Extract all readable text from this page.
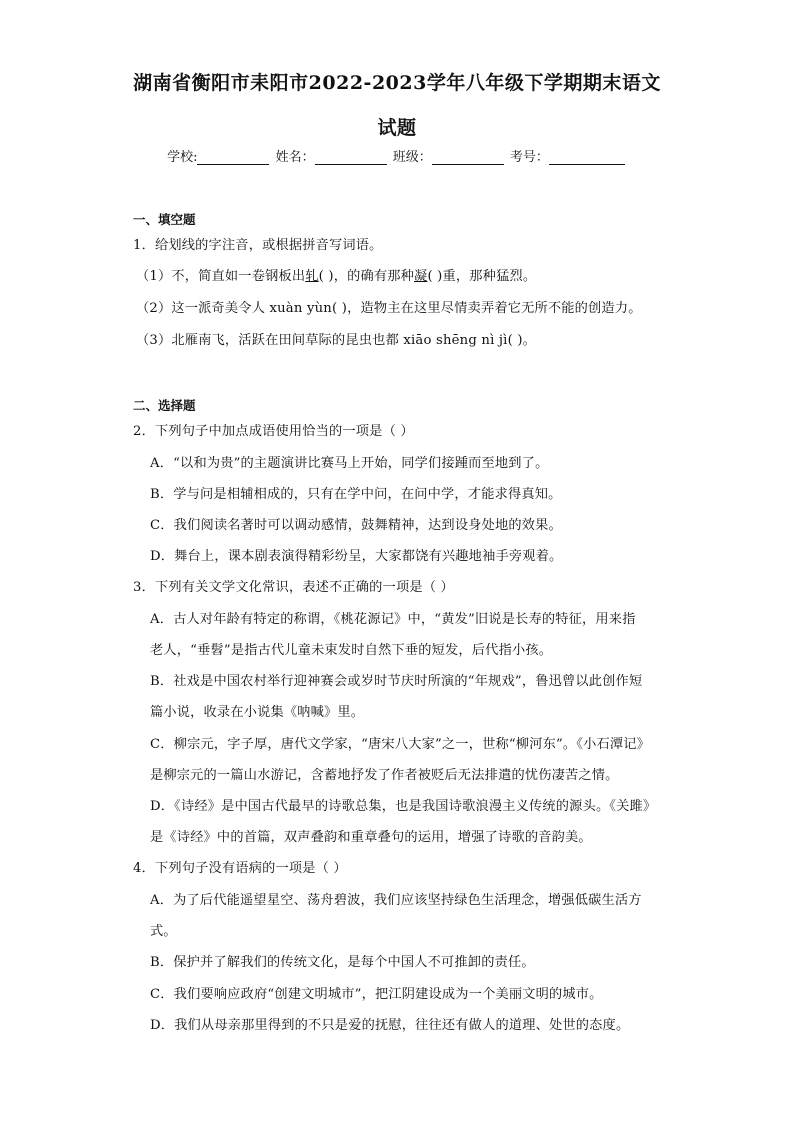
湖南省衡阳市耒阳市2022-2023学年八年级下学期期末语文
试题
学校:	姓名：	班级：	考号：
一、填空题
1．给划线的字注音，或根据拼音写词语。
（1）不，简直如一卷钢板出轧( )，的确有那种凝( )重，那种猛烈。
（2）这一派奇美令人 xuàn yùn( )，造物主在这里尽情卖弄着它无所不能的创造力。
（3）北雁南飞，活跃在田间草际的昆虫也都 xiāo shēng nì jì( )。
二、选择题
2．下列句子中加点成语使用恰当的一项是（ ）
A．“以和为贵”的主题演讲比赛马上开始，同学们接踵而至地到了。
B．学与问是相辅相成的，只有在学中问，在问中学，才能求得真知。
C．我们阅读名著时可以调动感情，鼓舞精神，达到设身处地的效果。
D．舞台上，课本剧表演得精彩纷呈，大家都饶有兴趣地袖手旁观着。
3．下列有关文学文化常识，表述不正确的一项是（ ）
A．古人对年龄有特定的称谓，《桃花源记》中，“黄发”旧说是长寿的特征，用来指
老人，“垂髫”是指古代儿童未束发时自然下垂的短发，后代指小孩。
B．社戏是中国农村举行迎神赛会或岁时节庆时所演的“年规戏”，鲁迅曾以此创作短
篇小说，收录在小说集《呐喊》里。
C．柳宗元，字子厚，唐代文学家，“唐宋八大家”之一，世称“柳河东”。《小石潭记》
是柳宗元的一篇山水游记，含蓄地抒发了作者被贬后无法排遣的忧伤凄苦之情。
D．《诗经》是中国古代最早的诗歌总集，也是我国诗歌浪漫主义传统的源头。《关雎》
是《诗经》中的首篇，双声叠韵和重章叠句的运用，增强了诗歌的音韵美。
4．下列句子没有语病的一项是（ ）
A．为了后代能遥望星空、荡舟碧波，我们应该坚持绿色生活理念，增强低碳生活方
式。
B．保护并了解我们的传统文化，是每个中国人不可推卸的责任。
C．我们要响应政府“创建文明城市”，把江阴建设成为一个美丽文明的城市。
D．我们从母亲那里得到的不只是爱的抚慰，往往还有做人的道理、处世的态度。
